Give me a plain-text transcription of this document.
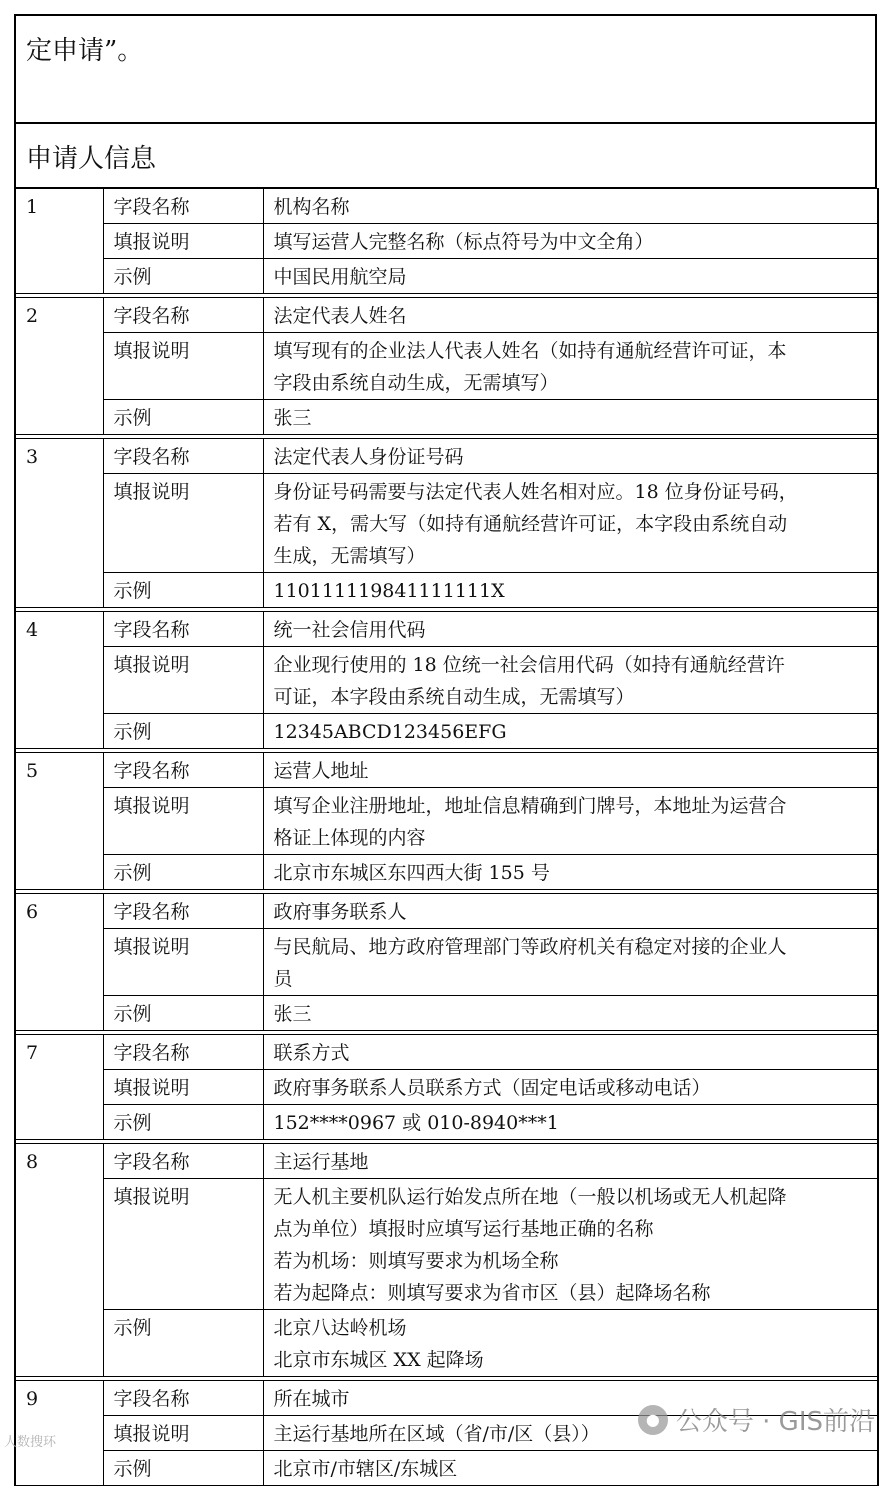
定申请”。
申请人信息
1	字段名称	机构名称
	填报说明	填写运营人完整名称（标点符号为中文全角）

	示例	中国民用航空局

2	字段名称	法定代表人姓名
	填报说明	填写现有的企业法人代表人姓名（如持有通航经营许可证，本
字段由系统自动生成，无需填写）

	示例	张三

3	字段名称	法定代表人身份证号码
	填报说明	身份证号码需要与法定代表人姓名相对应。18 位身份证号码，
若有 X，需大写（如持有通航经营许可证，本字段由系统自动
生成，无需填写）

	示例	110111119841111111X

4	字段名称	统一社会信用代码
	填报说明	企业现行使用的 18 位统一社会信用代码（如持有通航经营许
可证，本字段由系统自动生成，无需填写）

	示例	12345ABCD123456EFG

5	字段名称	运营人地址
	填报说明	填写企业注册地址，地址信息精确到门牌号，本地址为运营合
格证上体现的内容

	示例	北京市东城区东四西大街 155 号

6	字段名称	政府事务联系人
	填报说明	与民航局、地方政府管理部门等政府机关有稳定对接的企业人
员

	示例	张三

7	字段名称	联系方式
	填报说明	政府事务联系人员联系方式（固定电话或移动电话）

	示例	152****0967 或 010-8940***1

8	字段名称	主运行基地
	填报说明	无人机主要机队运行始发点所在地（一般以机场或无人机起降
点为单位）填报时应填写运行基地正确的名称
若为机场：则填写要求为机场全称
若为起降点：则填写要求为省市区（县）起降场名称

	示例	北京八达岭机场
北京市东城区 XX 起降场

9	字段名称	所在城市
	填报说明	主运行基地所在区域（省/市/区（县））

	示例	北京市/市辖区/东城区
人数搜环
● 公众号 · GIS前沿
